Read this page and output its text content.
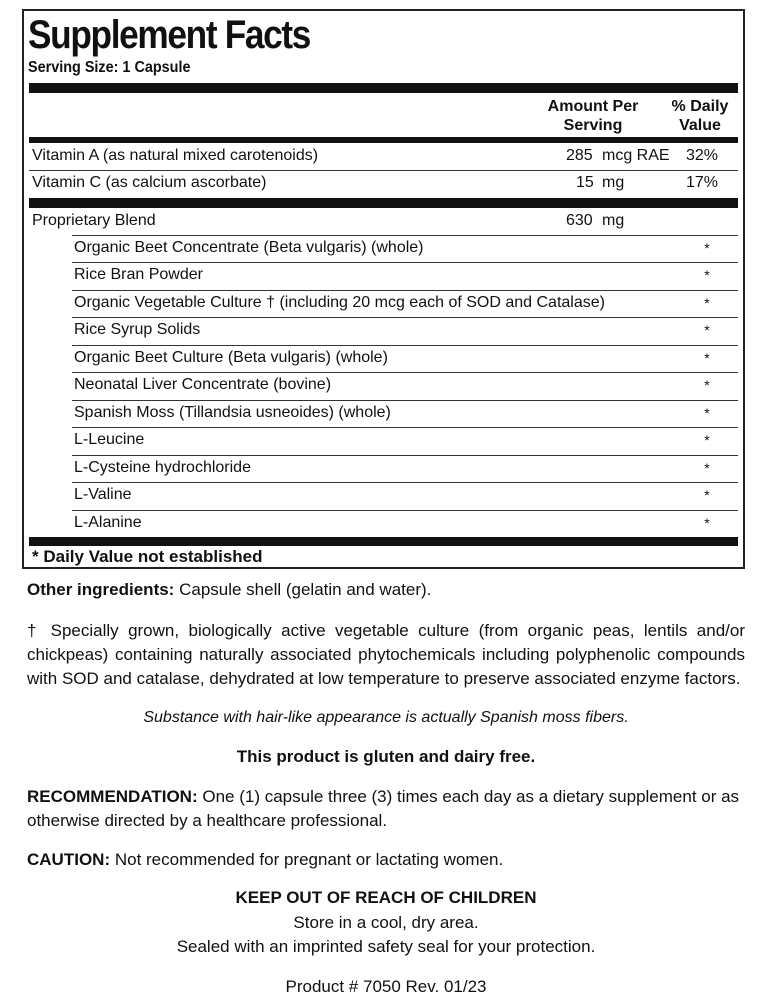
Supplement Facts
Serving Size: 1 Capsule
Amount Per
Serving
% Daily
Value
Vitamin A (as natural mixed carotenoids)	285 mcg RAE 32%
Vitamin C (as calcium ascorbate)	15 mg	17%
Proprietary Blend	630 mg
Organic Beet Concentrate (Beta vulgaris) (whole)	*
Rice Bran Powder	*
Organic Vegetable Culture † (including 20 mcg each of SOD and Catalase)	*
Rice Syrup Solids	*
Organic Beet Culture (Beta vulgaris) (whole)	*
Neonatal Liver Concentrate (bovine)	*
Spanish Moss (Tillandsia usneoides) (whole)	*
L-Leucine	*
L-Cysteine hydrochloride	*
L-Valine	*
L-Alanine	*
* Daily Value not established
Other ingredients: Capsule shell (gelatin and water).
† Specially grown, biologically active vegetable culture (from organic peas, lentils and/or chickpeas) containing naturally associated phytochemicals including polyphenolic compounds with SOD and catalase, dehydrated at low temperature to preserve associated enzyme factors.
Substance with hair-like appearance is actually Spanish moss fibers.
This product is gluten and dairy free.
RECOMMENDATION: One (1) capsule three (3) times each day as a dietary supplement or as otherwise directed by a healthcare professional.
CAUTION: Not recommended for pregnant or lactating women.
KEEP OUT OF REACH OF CHILDREN
Store in a cool, dry area.
Sealed with an imprinted safety seal for your protection.
Product # 7050 Rev. 01/23
